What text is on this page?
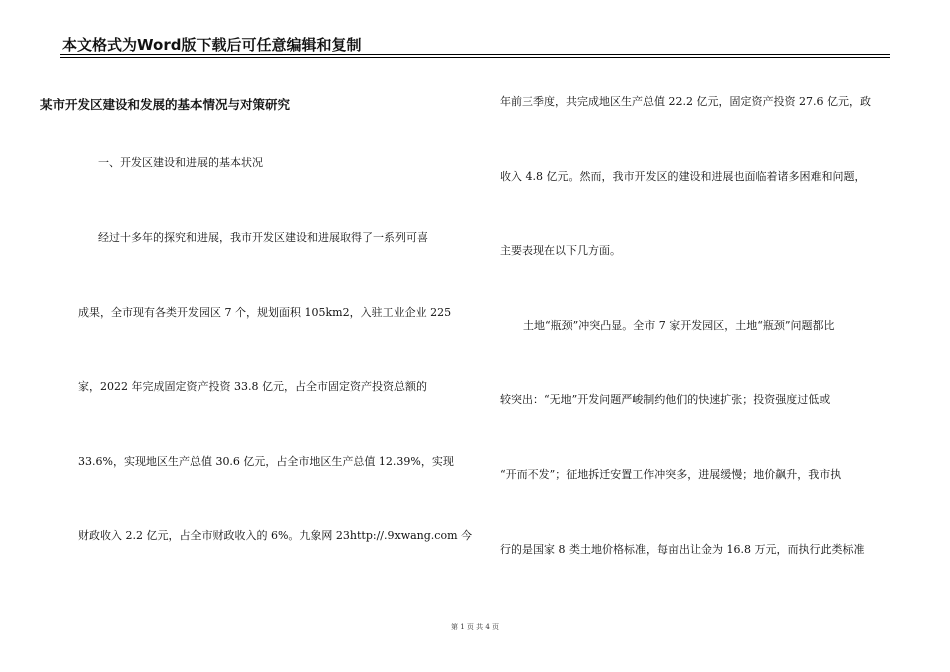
本文格式为Word版下载后可任意编辑和复制
某市开发区建设和发展的基本情况与对策研究
一、开发区建设和进展的基本状况
经过十多年的探究和进展，我市开发区建设和进展取得了一系列可喜
成果，全市现有各类开发园区 7 个，规划面积 105km2，入驻工业企业 225
家，2022 年完成固定资产投资 33.8 亿元，占全市固定资产投资总额的
33.6%，实现地区生产总值 30.6 亿元，占全市地区生产总值 12.39%，实现
财政收入 2.2 亿元，占全市财政收入的 6%。九象网 23http://.9xwang.com 今
年前三季度，共完成地区生产总值 22.2 亿元，固定资产投资 27.6 亿元，政
收入 4.8 亿元。然而，我市开发区的建设和进展也面临着诸多困难和问题，
主要表现在以下几方面。
土地“瓶颈”冲突凸显。全市 7 家开发园区，土地“瓶颈”问题都比
较突出：“无地”开发问题严峻制约他们的快速扩张；投资强度过低或
“开而不发”；征地拆迁安置工作冲突多，进展缓慢；地价飙升，我市执
行的是国家 8 类土地价格标准，每亩出让金为 16.8 万元，而执行此类标准
第 1 页 共 4 页
